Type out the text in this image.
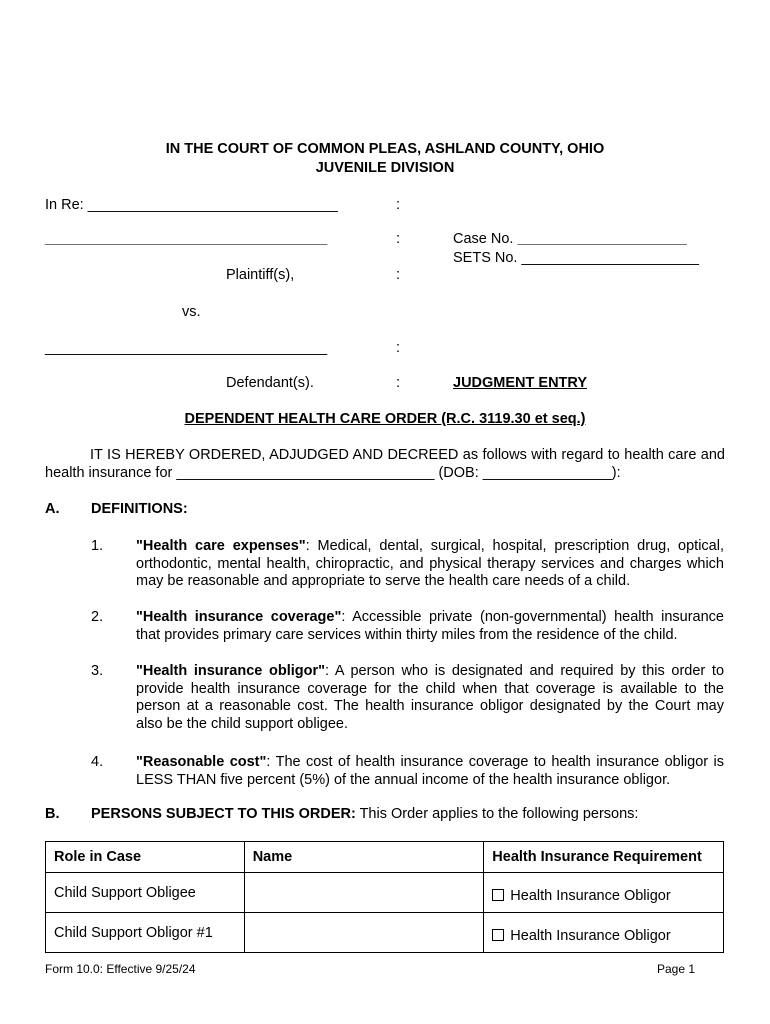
IN THE COURT OF COMMON PLEAS, ASHLAND COUNTY, OHIO
JUVENILE DIVISION
In Re: _______________________________	:
___________________________________	:	Case No. _____________________
SETS No. ______________________
Plaintiff(s),	:
vs.
___________________________________	:
Defendant(s).	:	JUDGMENT ENTRY
DEPENDENT HEALTH CARE ORDER (R.C. 3119.30 et seq.)
IT IS HEREBY ORDERED, ADJUDGED AND DECREED as follows with regard to health care and health insurance for ________________________________ (DOB: ________________):
A. DEFINITIONS:
1. "Health care expenses": Medical, dental, surgical, hospital, prescription drug, optical, orthodontic, mental health, chiropractic, and physical therapy services and charges which may be reasonable and appropriate to serve the health care needs of a child.
2. "Health insurance coverage": Accessible private (non-governmental) health insurance that provides primary care services within thirty miles from the residence of the child.
3. "Health insurance obligor": A person who is designated and required by this order to provide health insurance coverage for the child when that coverage is available to the person at a reasonable cost. The health insurance obligor designated by the Court may also be the child support obligee.
4. "Reasonable cost": The cost of health insurance coverage to health insurance obligor is LESS THAN five percent (5%) of the annual income of the health insurance obligor.
B. PERSONS SUBJECT TO THIS ORDER: This Order applies to the following persons:
Role in Case	Name	Health Insurance Requirement
Child Support Obligee		Health Insurance Obligor
Child Support Obligor #1		Health Insurance Obligor
Form 10.0: Effective 9/25/24	Page 1
